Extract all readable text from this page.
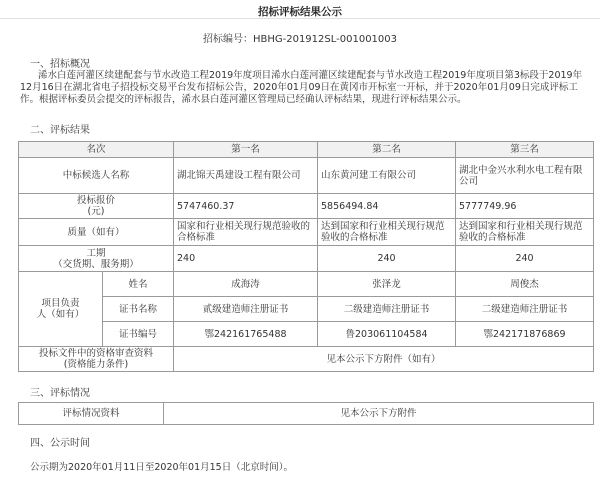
招标评标结果公示
招标编号：HBHG-201912SL-001001003
一、招标概况
浠水白莲河灌区续建配套与节水改造工程2019年度项目浠水白莲河灌区续建配套与节水改造工程2019年度项目第3标段于2019年12月16日在湖北省电子招投标交易平台发布招标公告，2020年01月09日在黄冈市开标室一开标，并于2020年01月09日完成评标工作。根据评标委员会提交的评标报告，浠水县白莲河灌区管理局已经确认评标结果，现进行评标结果公示。
二、评标结果
名次		第一名	第二名	第三名
中标候选人名称		湖北锦天禹建设工程有限公司	山东黄河建工有限公司	湖北中金兴水利水电工程有限公司
投标报价
(元)		5747460.37	5856494.84	5777749.96
质量（如有）		国家和行业相关现行规范验收的合格标准	达到国家和行业相关现行规范验收的合格标准	达到国家和行业相关现行规范验收的合格标准
工期
（交货期、服务期）		240	240	240
项目负责
人（如有）	姓名	成海涛	张泽龙	周俊杰
	证书名称	贰级建造师注册证书	二级建造师注册证书	二级建造师注册证书
	证书编号	鄂242161765488	鲁203061104584	鄂242171876869
投标文件中的资格审查资料
(资格能力条件)		见本公示下方附件（如有）		
三、评标情况
评标情况资料	见本公示下方附件
四、公示时间
公示期为2020年01月11日至2020年01月15日（北京时间）。
